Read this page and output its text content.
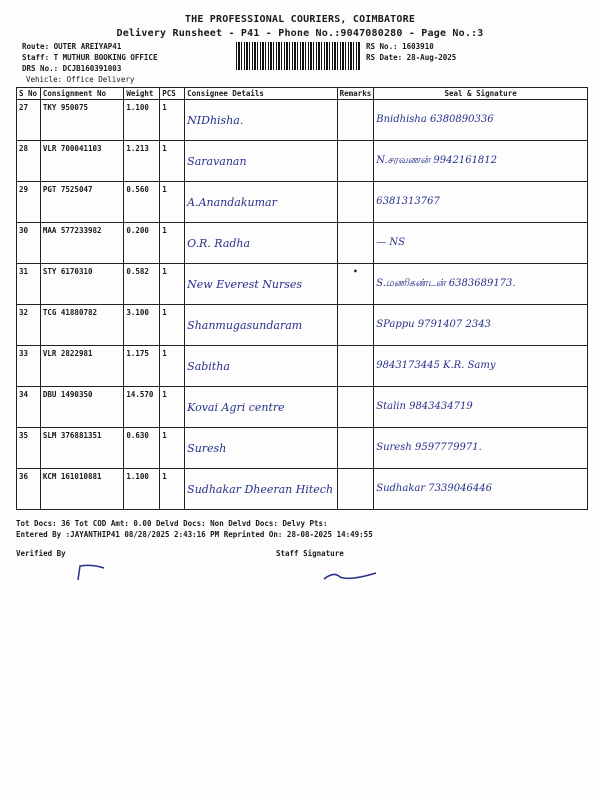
THE PROFESSIONAL COURIERS, COIMBATORE
Delivery Runsheet - P41 - Phone No.:9047080280 - Page No.:3
Route: OUTER AREIYAP41
Staff: T MUTHUR BOOKING OFFICE
DRS No.: DCJB160391003
Vehicle: Office Delivery
RS No.: 1603910
RS Date: 28-Aug-2025
S No	Consignment No	Weight	PCS	Consignee Details	Remarks	Seal & Signature
27	TKY 950075	1.100	1	NIDhisha.		Bnidhisha 6380890336
28	VLR 700041103	1.213	1	Saravanan		N.சரவணன் 9942161812
29	PGT 7525047	0.560	1	A.Anandakumar		6381313767
30	MAA 577233982	0.200	1	O.R. Radha		— NS
31	STY 6170310	0.582	1	New Everest Nurses	•	S.மணிகண்டன் 6383689173.
32	TCG 41880782	3.100	1	Shanmugasundaram		SPappu 9791407 2343
33	VLR 2822981	1.175	1	Sabitha		9843173445 K.R. Samy
34	DBU 1490350	14.570	1	Kovai Agri centre		Stalin 9843434719
35	SLM 376881351	0.630	1	Suresh		Suresh 9597779971.
36	KCM 161010881	1.100	1	Sudhakar Dheeran Hitech		Sudhakar 7339046446
Tot Docs: 36 Tot COD Amt: 0.00 Delvd Docs: Non Delvd Docs: Delvy Pts:
Entered By :JAYANTHIP41 08/28/2025 2:43:16 PM Reprinted On: 28-08-2025 14:49:55
Verified By	Staff Signature
